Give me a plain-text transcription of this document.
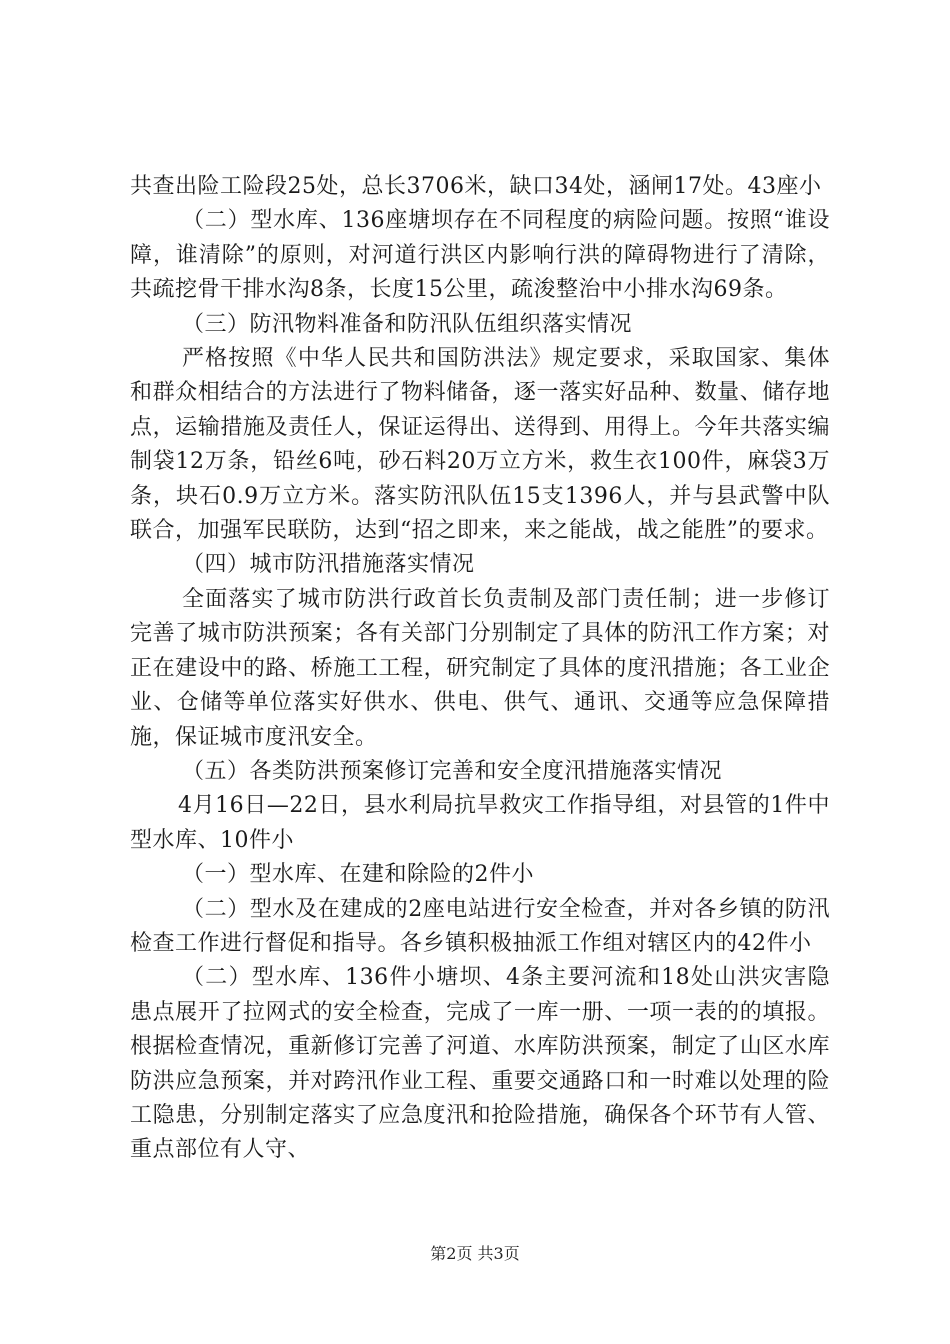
共查出险工险段25处，总长3706米，缺口34处，涵闸17处。43座小

（二）型水库、136座塘坝存在不同程度的病险问题。按照“谁设障，谁清除”的原则，对河道行洪区内影响行洪的障碍物进行了清除，共疏挖骨干排水沟8条，长度15公里，疏浚整治中小排水沟69条。

（三）防汛物料准备和防汛队伍组织落实情况

严格按照《中华人民共和国防洪法》规定要求，采取国家、集体和群众相结合的方法进行了物料储备，逐一落实好品种、数量、储存地点，运输措施及责任人，保证运得出、送得到、用得上。今年共落实编制袋12万条，铅丝6吨，砂石料20万立方米，救生衣100件，麻袋3万条，块石0.9万立方米。落实防汛队伍15支1396人，并与县武警中队联合，加强军民联防，达到“招之即来，来之能战，战之能胜”的要求。

（四）城市防汛措施落实情况

全面落实了城市防洪行政首长负责制及部门责任制；进一步修订完善了城市防洪预案；各有关部门分别制定了具体的防汛工作方案；对正在建设中的路、桥施工工程，研究制定了具体的度汛措施；各工业企业、仓储等单位落实好供水、供电、供气、通讯、交通等应急保障措施，保证城市度汛安全。

（五）各类防洪预案修订完善和安全度汛措施落实情况

4月16日—22日，县水利局抗旱救灾工作指导组，对县管的1件中型水库、10件小

（一）型水库、在建和除险的2件小

（二）型水及在建成的2座电站进行安全检查，并对各乡镇的防汛检查工作进行督促和指导。各乡镇积极抽派工作组对辖区内的42件小

（二）型水库、136件小塘坝、4条主要河流和18处山洪灾害隐患点展开了拉网式的安全检查，完成了一库一册、一项一表的的填报。根据检查情况，重新修订完善了河道、水库防洪预案，制定了山区水库防洪应急预案，并对跨汛作业工程、重要交通路口和一时难以处理的险工隐患，分别制定落实了应急度汛和抢险措施，确保各个环节有人管、重点部位有人守、

第2页 共3页
